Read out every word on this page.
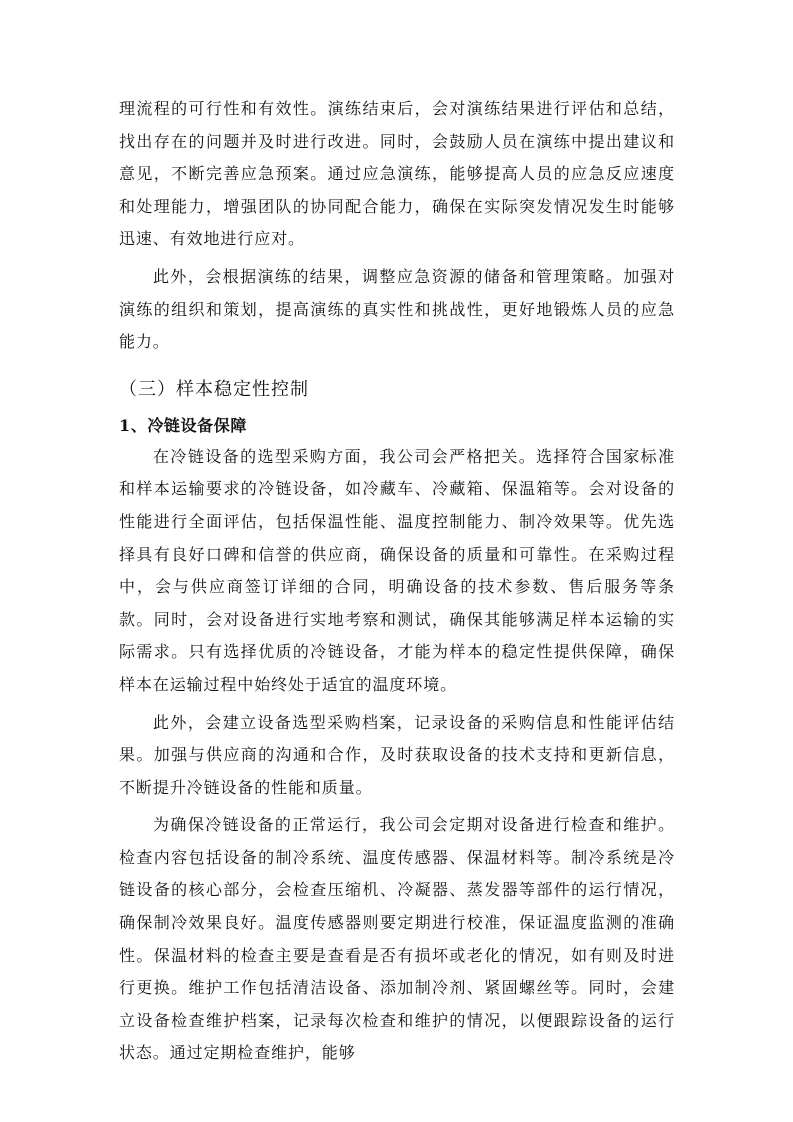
理流程的可行性和有效性。演练结束后，会对演练结果进行评估和总结，找出存在的问题并及时进行改进。同时，会鼓励人员在演练中提出建议和意见，不断完善应急预案。通过应急演练，能够提高人员的应急反应速度和处理能力，增强团队的协同配合能力，确保在实际突发情况发生时能够迅速、有效地进行应对。

此外，会根据演练的结果，调整应急资源的储备和管理策略。加强对演练的组织和策划，提高演练的真实性和挑战性，更好地锻炼人员的应急能力。

（三）样本稳定性控制
1、冷链设备保障

在冷链设备的选型采购方面，我公司会严格把关。选择符合国家标准和样本运输要求的冷链设备，如冷藏车、冷藏箱、保温箱等。会对设备的性能进行全面评估，包括保温性能、温度控制能力、制冷效果等。优先选择具有良好口碑和信誉的供应商，确保设备的质量和可靠性。在采购过程中，会与供应商签订详细的合同，明确设备的技术参数、售后服务等条款。同时，会对设备进行实地考察和测试，确保其能够满足样本运输的实际需求。只有选择优质的冷链设备，才能为样本的稳定性提供保障，确保样本在运输过程中始终处于适宜的温度环境。

此外，会建立设备选型采购档案，记录设备的采购信息和性能评估结果。加强与供应商的沟通和合作，及时获取设备的技术支持和更新信息，不断提升冷链设备的性能和质量。

为确保冷链设备的正常运行，我公司会定期对设备进行检查和维护。检查内容包括设备的制冷系统、温度传感器、保温材料等。制冷系统是冷链设备的核心部分，会检查压缩机、冷凝器、蒸发器等部件的运行情况，确保制冷效果良好。温度传感器则要定期进行校准，保证温度监测的准确性。保温材料的检查主要是查看是否有损坏或老化的情况，如有则及时进行更换。维护工作包括清洁设备、添加制冷剂、紧固螺丝等。同时，会建立设备检查维护档案，记录每次检查和维护的情况，以便跟踪设备的运行状态。通过定期检查维护，能够
